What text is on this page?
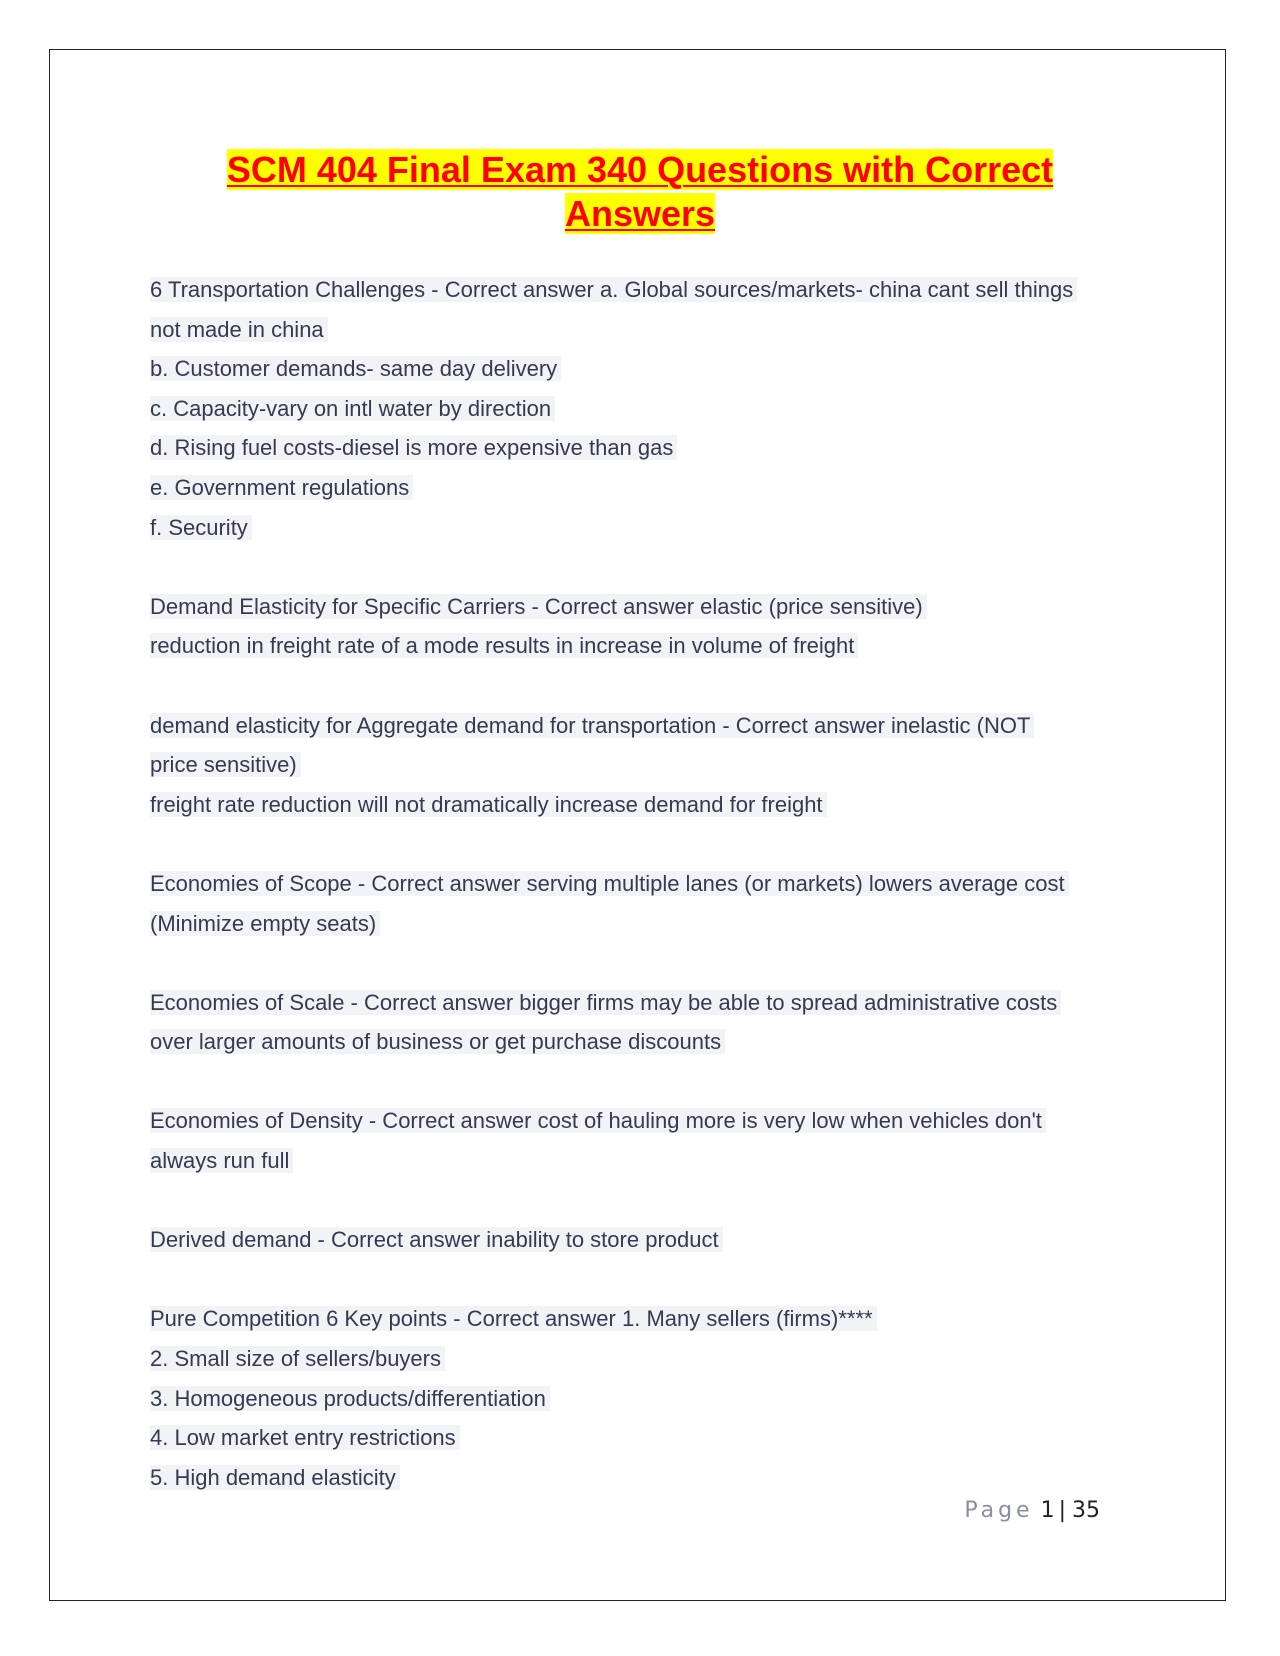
SCM 404 Final Exam 340 Questions with Correct
Answers
6 Transportation Challenges - Correct answer a. Global sources/markets- china cant sell things
not made in china
b. Customer demands- same day delivery
c. Capacity-vary on intl water by direction
d. Rising fuel costs-diesel is more expensive than gas
e. Government regulations
f. Security
Demand Elasticity for Specific Carriers - Correct answer elastic (price sensitive)
reduction in freight rate of a mode results in increase in volume of freight
demand elasticity for Aggregate demand for transportation - Correct answer inelastic (NOT
price sensitive)
freight rate reduction will not dramatically increase demand for freight
Economies of Scope - Correct answer serving multiple lanes (or markets) lowers average cost
(Minimize empty seats)
Economies of Scale - Correct answer bigger firms may be able to spread administrative costs
over larger amounts of business or get purchase discounts
Economies of Density - Correct answer cost of hauling more is very low when vehicles don't
always run full
Derived demand - Correct answer inability to store product
Pure Competition 6 Key points - Correct answer 1. Many sellers (firms)****
2. Small size of sellers/buyers
3. Homogeneous products/differentiation
4. Low market entry restrictions
5. High demand elasticity
Page 1 | 35
